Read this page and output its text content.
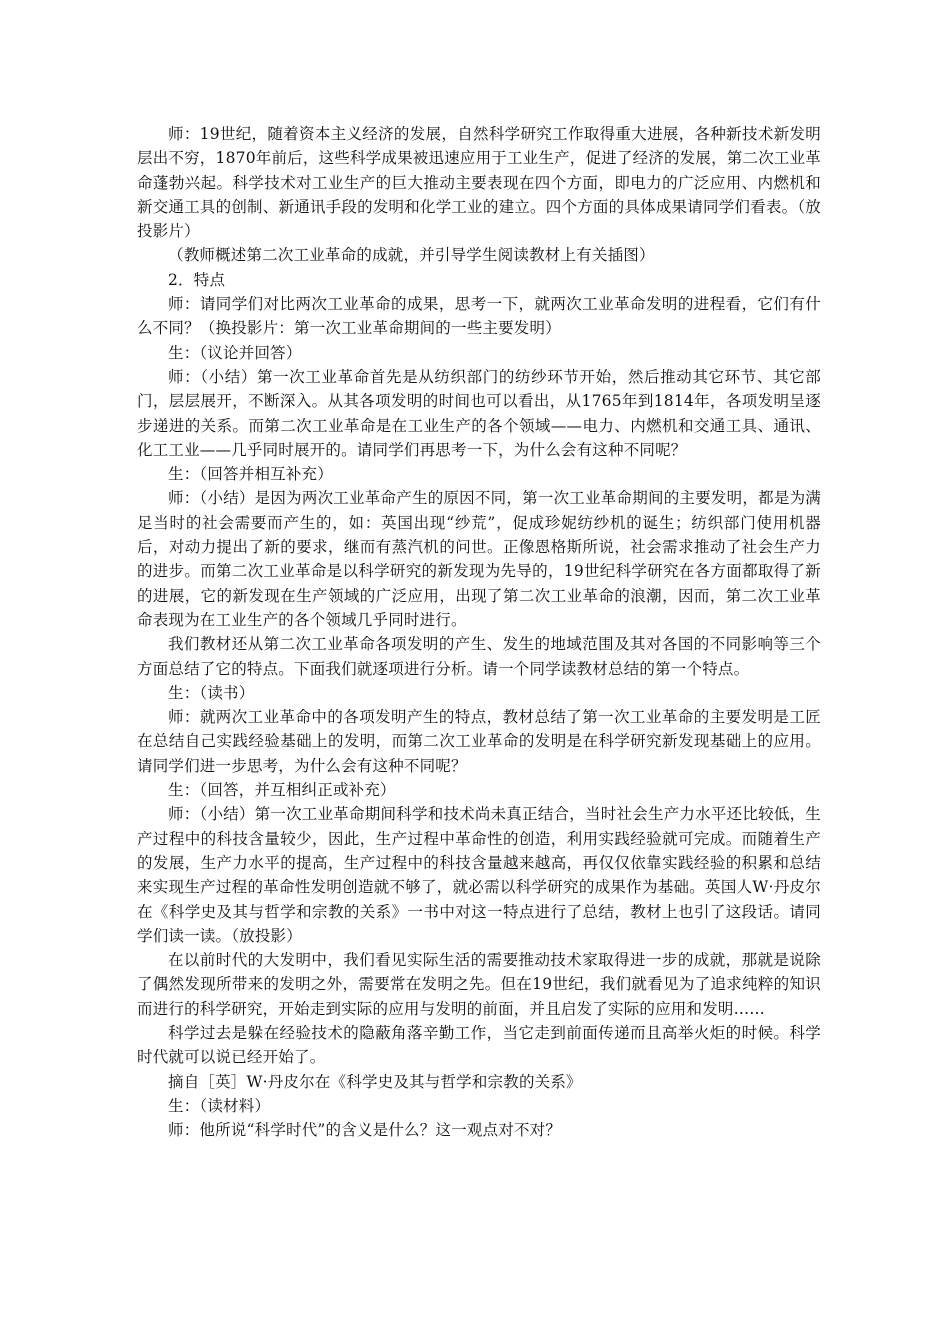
师：19世纪，随着资本主义经济的发展，自然科学研究工作取得重大进展，各种新技术新发明层出不穷，1870年前后，这些科学成果被迅速应用于工业生产，促进了经济的发展，第二次工业革命蓬勃兴起。科学技术对工业生产的巨大推动主要表现在四个方面，即电力的广泛应用、内燃机和新交通工具的创制、新通讯手段的发明和化学工业的建立。四个方面的具体成果请同学们看表。（放投影片）

（教师概述第二次工业革命的成就，并引导学生阅读教材上有关插图）

2．特点

师：请同学们对比两次工业革命的成果，思考一下，就两次工业革命发明的进程看，它们有什么不同？（换投影片：第一次工业革命期间的一些主要发明）

生：（议论并回答）

师：（小结）第一次工业革命首先是从纺织部门的纺纱环节开始，然后推动其它环节、其它部门，层层展开，不断深入。从其各项发明的时间也可以看出，从1765年到1814年，各项发明呈逐步递进的关系。而第二次工业革命是在工业生产的各个领域——电力、内燃机和交通工具、通讯、化工工业——几乎同时展开的。请同学们再思考一下，为什么会有这种不同呢？

生：（回答并相互补充）

师：（小结）是因为两次工业革命产生的原因不同，第一次工业革命期间的主要发明，都是为满足当时的社会需要而产生的，如：英国出现“纱荒”，促成珍妮纺纱机的诞生；纺织部门使用机器后，对动力提出了新的要求，继而有蒸汽机的问世。正像恩格斯所说，社会需求推动了社会生产力的进步。而第二次工业革命是以科学研究的新发现为先导的，19世纪科学研究在各方面都取得了新的进展，它的新发现在生产领域的广泛应用，出现了第二次工业革命的浪潮，因而，第二次工业革命表现为在工业生产的各个领域几乎同时进行。

我们教材还从第二次工业革命各项发明的产生、发生的地域范围及其对各国的不同影响等三个方面总结了它的特点。下面我们就逐项进行分析。请一个同学读教材总结的第一个特点。

生：（读书）

师：就两次工业革命中的各项发明产生的特点，教材总结了第一次工业革命的主要发明是工匠在总结自己实践经验基础上的发明，而第二次工业革命的发明是在科学研究新发现基础上的应用。请同学们进一步思考，为什么会有这种不同呢？

生：（回答，并互相纠正或补充）

师：（小结）第一次工业革命期间科学和技术尚未真正结合，当时社会生产力水平还比较低，生产过程中的科技含量较少，因此，生产过程中革命性的创造，利用实践经验就可完成。而随着生产的发展，生产力水平的提高，生产过程中的科技含量越来越高，再仅仅依靠实践经验的积累和总结来实现生产过程的革命性发明创造就不够了，就必需以科学研究的成果作为基础。英国人W·丹皮尔在《科学史及其与哲学和宗教的关系》一书中对这一特点进行了总结，教材上也引了这段话。请同学们读一读。（放投影）

在以前时代的大发明中，我们看见实际生活的需要推动技术家取得进一步的成就，那就是说除了偶然发现所带来的发明之外，需要常在发明之先。但在19世纪，我们就看见为了追求纯粹的知识而进行的科学研究，开始走到实际的应用与发明的前面，并且启发了实际的应用和发明……

科学过去是躲在经验技术的隐蔽角落辛勤工作，当它走到前面传递而且高举火炬的时候。科学时代就可以说已经开始了。

摘自［英］W·丹皮尔在《科学史及其与哲学和宗教的关系》

生：（读材料）

师：他所说“科学时代”的含义是什么？这一观点对不对？
